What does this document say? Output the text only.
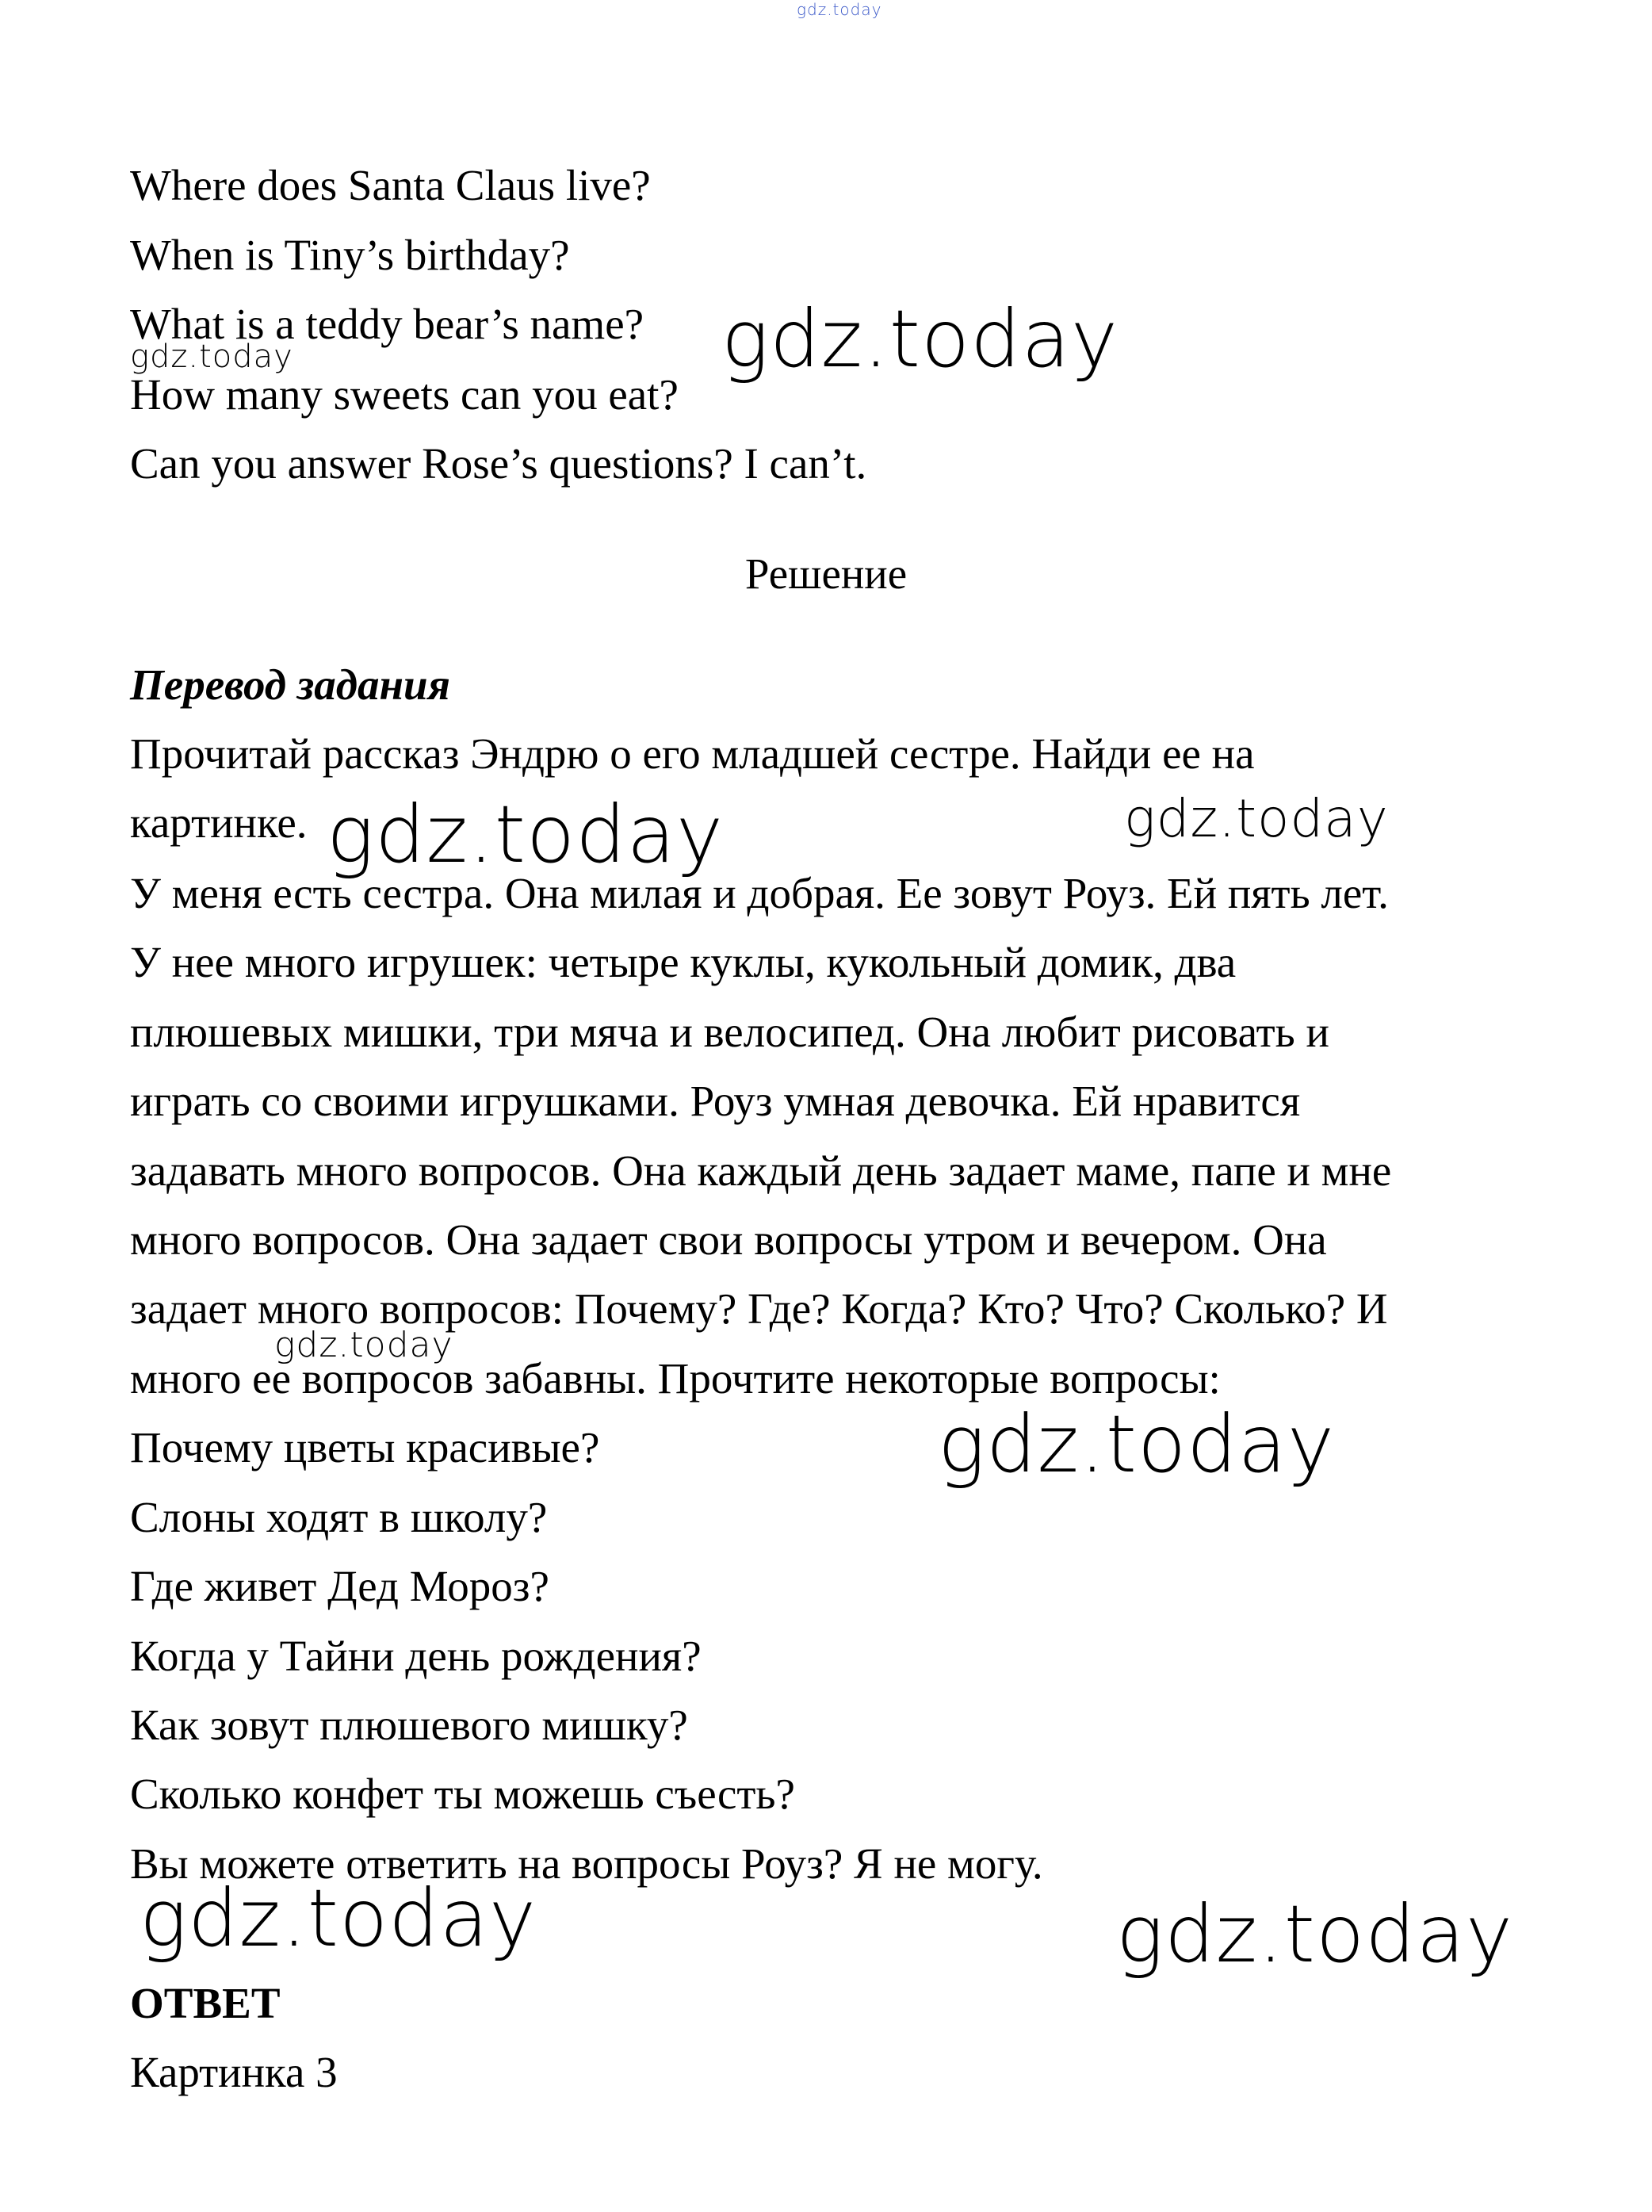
gdz.today

Where does Santa Claus live?

When is Tiny’s birthday?

What is a teddy bear’s name?

gdz.today	gdz.today

How many sweets can you eat?

Can you answer Rose’s questions? I can’t.

Решение

Перевод задания

Прочитай рассказ Эндрю о его младшей сестре. Найди ее на

картинке. gdz.today	gdz.today

У меня есть сестра. Она милая и добрая. Ее зовут Роуз. Ей пять лет.

У нее много игрушек: четыре куклы, кукольный домик, два

плюшевых мишки, три мяча и велосипед. Она любит рисовать и

играть со своими игрушками. Роуз умная девочка. Ей нравится

задавать много вопросов. Она каждый день задает маме, папе и мне

много вопросов. Она задает свои вопросы утром и вечером. Она

задает много вопросов: Почему? Где? Когда? Кто? Что? Сколько? И

gdz.today

много ее вопросов забавны. Прочтите некоторые вопросы:

Почему цветы красивые?	gdz.today

Слоны ходят в школу?

Где живет Дед Мороз?

Когда у Тайни день рождения?

Как зовут плюшевого мишку?

Сколько конфет ты можешь съесть?

Вы можете ответить на вопросы Роуз? Я не могу.

gdz.today	gdz.today

ОТВЕТ

Картинка 3
